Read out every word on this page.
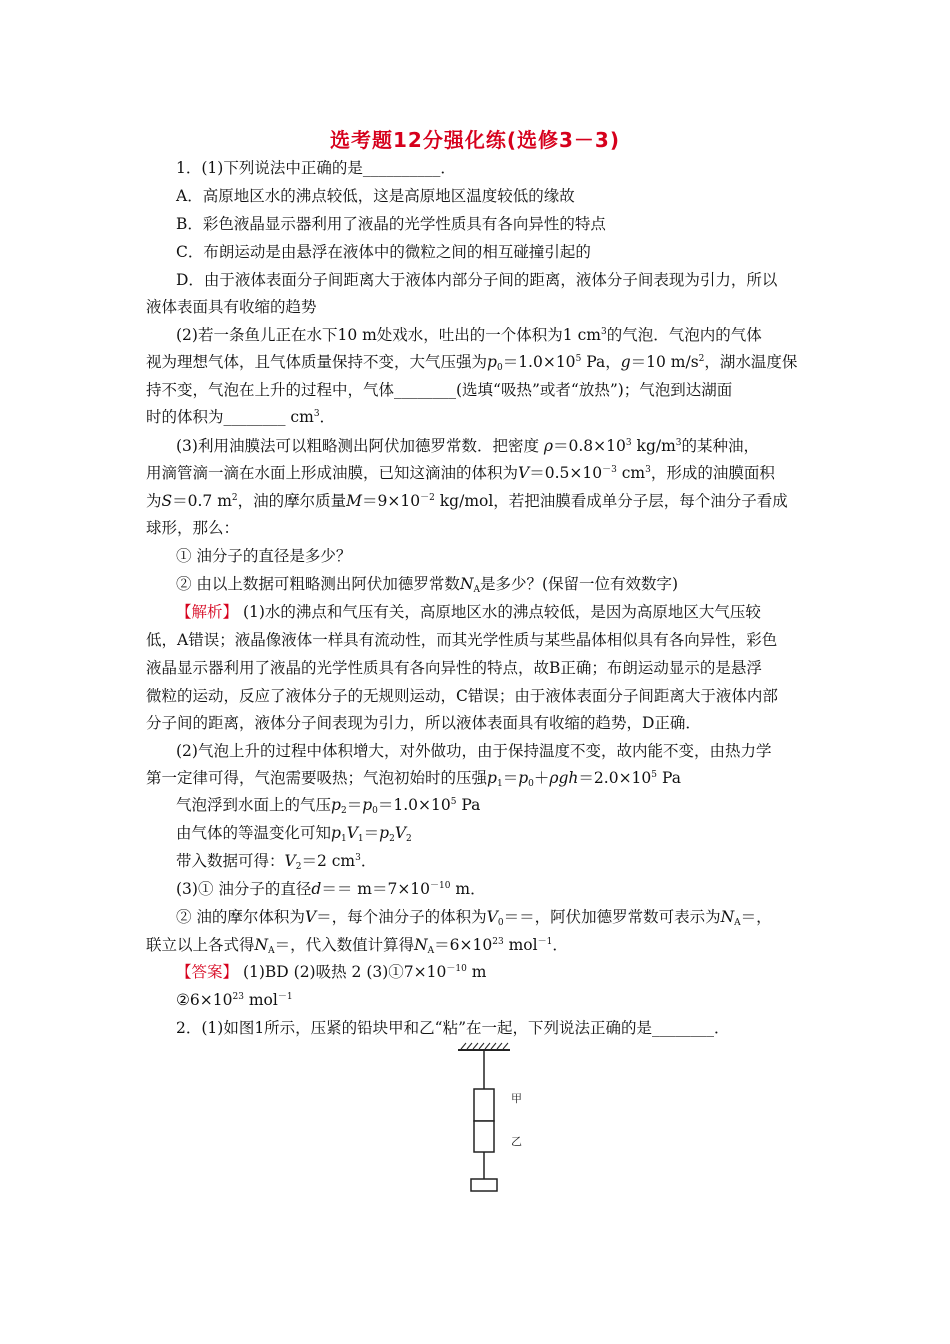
选考题12分强化练(选修3－3)
1．(1)下列说法中正确的是__________．
A．高原地区水的沸点较低，这是高原地区温度较低的缘故
B．彩色液晶显示器利用了液晶的光学性质具有各向异性的特点
C．布朗运动是由悬浮在液体中的微粒之间的相互碰撞引起的
D．由于液体表面分子间距离大于液体内部分子间的距离，液体分子间表现为引力，所以
液体表面具有收缩的趋势
(2)若一条鱼儿正在水下10 m处戏水，吐出的一个体积为1 $cm^3$的气泡．气泡内的气体
视为理想气体，且气体质量保持不变，大气压强为$p_0=1.0\times 10^5$ Pa，g＝10 $m/s^2$，湖水温度保
持不变，气泡在上升的过程中，气体________(选填“吸热”或者“放热”)；气泡到达湖面
时的体积为________ $cm^3$．
(3)利用油膜法可以粗略测出阿伏加德罗常数．把密度 $\rho=0.8\times 10^3$ $kg/m^3$的某种油，
用滴管滴一滴在水面上形成油膜，已知这滴油的体积为$V=0.5\times 10^{-3}$ $cm^3$，形成的油膜面积
为S＝0.7 $m^2$，油的摩尔质量$M=9\times 10^{-2}$ kg/mol，若把油膜看成单分子层，每个油分子看成
球形，那么：
① 油分子的直径是多少？
② 由以上数据可粗略测出阿伏加德罗常数$N_A$是多少？(保留一位有效数字)
【解析】 (1)水的沸点和气压有关，高原地区水的沸点较低，是因为高原地区大气压较
低，A错误；液晶像液体一样具有流动性，而其光学性质与某些晶体相似具有各向异性，彩色
液晶显示器利用了液晶的光学性质具有各向异性的特点，故B正确；布朗运动显示的是悬浮
微粒的运动，反应了液体分子的无规则运动，C错误；由于液体表面分子间距离大于液体内部
分子间的距离，液体分子间表现为引力，所以液体表面具有收缩的趋势，D正确．
(2)气泡上升的过程中体积增大，对外做功，由于保持温度不变，故内能不变，由热力学
第一定律可得，气泡需要吸热；气泡初始时的压强$p_1=p_0+\rho gh=2.0\times 10^5$ Pa
气泡浮到水面上的气压$p_2=p_0=1.0\times 10^5$ Pa
由气体的等温变化可知$p_1V_1=p_2V_2$
带入数据可得：$V_2=2$ $cm^3$．
(3)① 油分子的直径$d== m=7\times 10^{-10}$ m．
② 油的摩尔体积为V＝，每个油分子的体积为$V_0==$，阿伏加德罗常数可表示为$N_A=$，
联立以上各式得$N_A=$，代入数值计算得$N_A=6\times 10^{23}$ mol$^{-1}$．
【答案】 (1)BD (2)吸热 2 $(3)①7\times 10^{-10}$ m
$②6\times 10^{23}$ mol$^{-1}$
2．(1)如图1所示，压紧的铅块甲和乙“粘”在一起，下列说法正确的是________．
甲
乙
